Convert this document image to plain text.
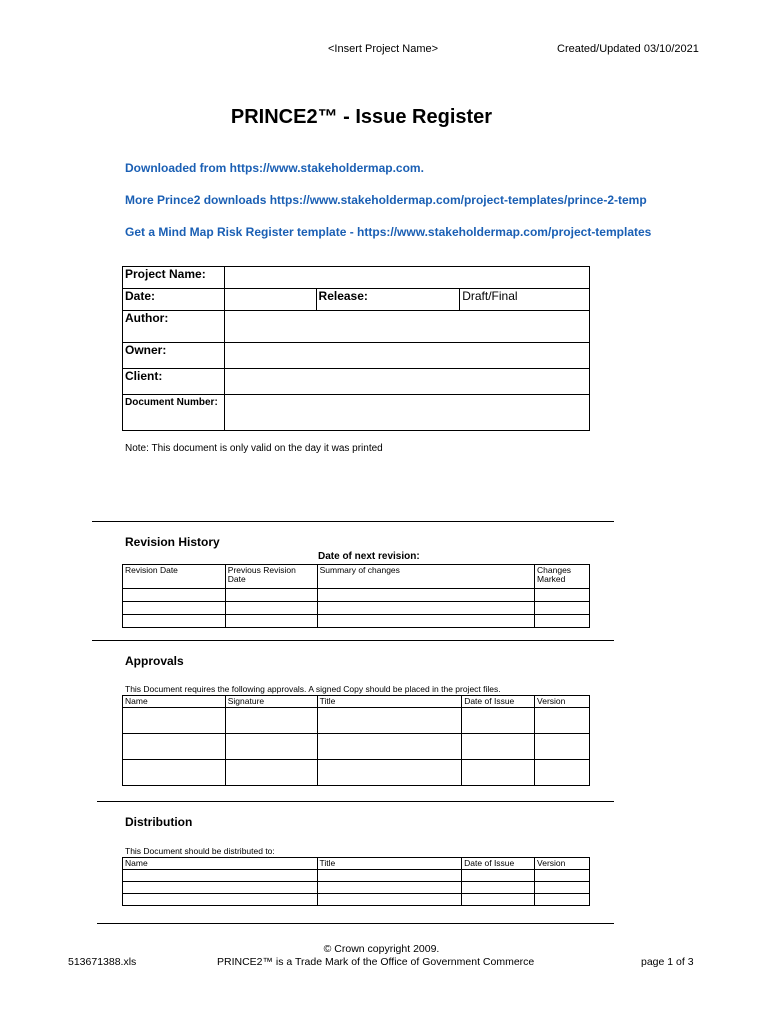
<Insert Project Name>	Created/Updated 03/10/2021
PRINCE2™ - Issue Register
Downloaded from https://www.stakeholdermap.com.
More Prince2 downloads https://www.stakeholdermap.com/project-templates/prince-2-temp
Get a Mind Map Risk Register template - https://www.stakeholdermap.com/project-templates
Project Name:			
Date:		Release:	Draft/Final
Author:			
Owner:			
Client:			
Document Number:			
Note: This document is only valid on the day it was printed
Revision History
Date of next revision:
Revision Date	Previous Revision Date	Summary of changes	Changes Marked

Approvals
This Document requires the following approvals. A signed Copy should be placed in the project files.
Name	Signature	Title	Date of Issue	Version

Distribution
This Document should be distributed to:
Name	Title	Date of Issue	Version

© Crown copyright 2009.
513671388.xls	PRINCE2™ is a Trade Mark of the Office of Government Commerce	page 1 of 3
